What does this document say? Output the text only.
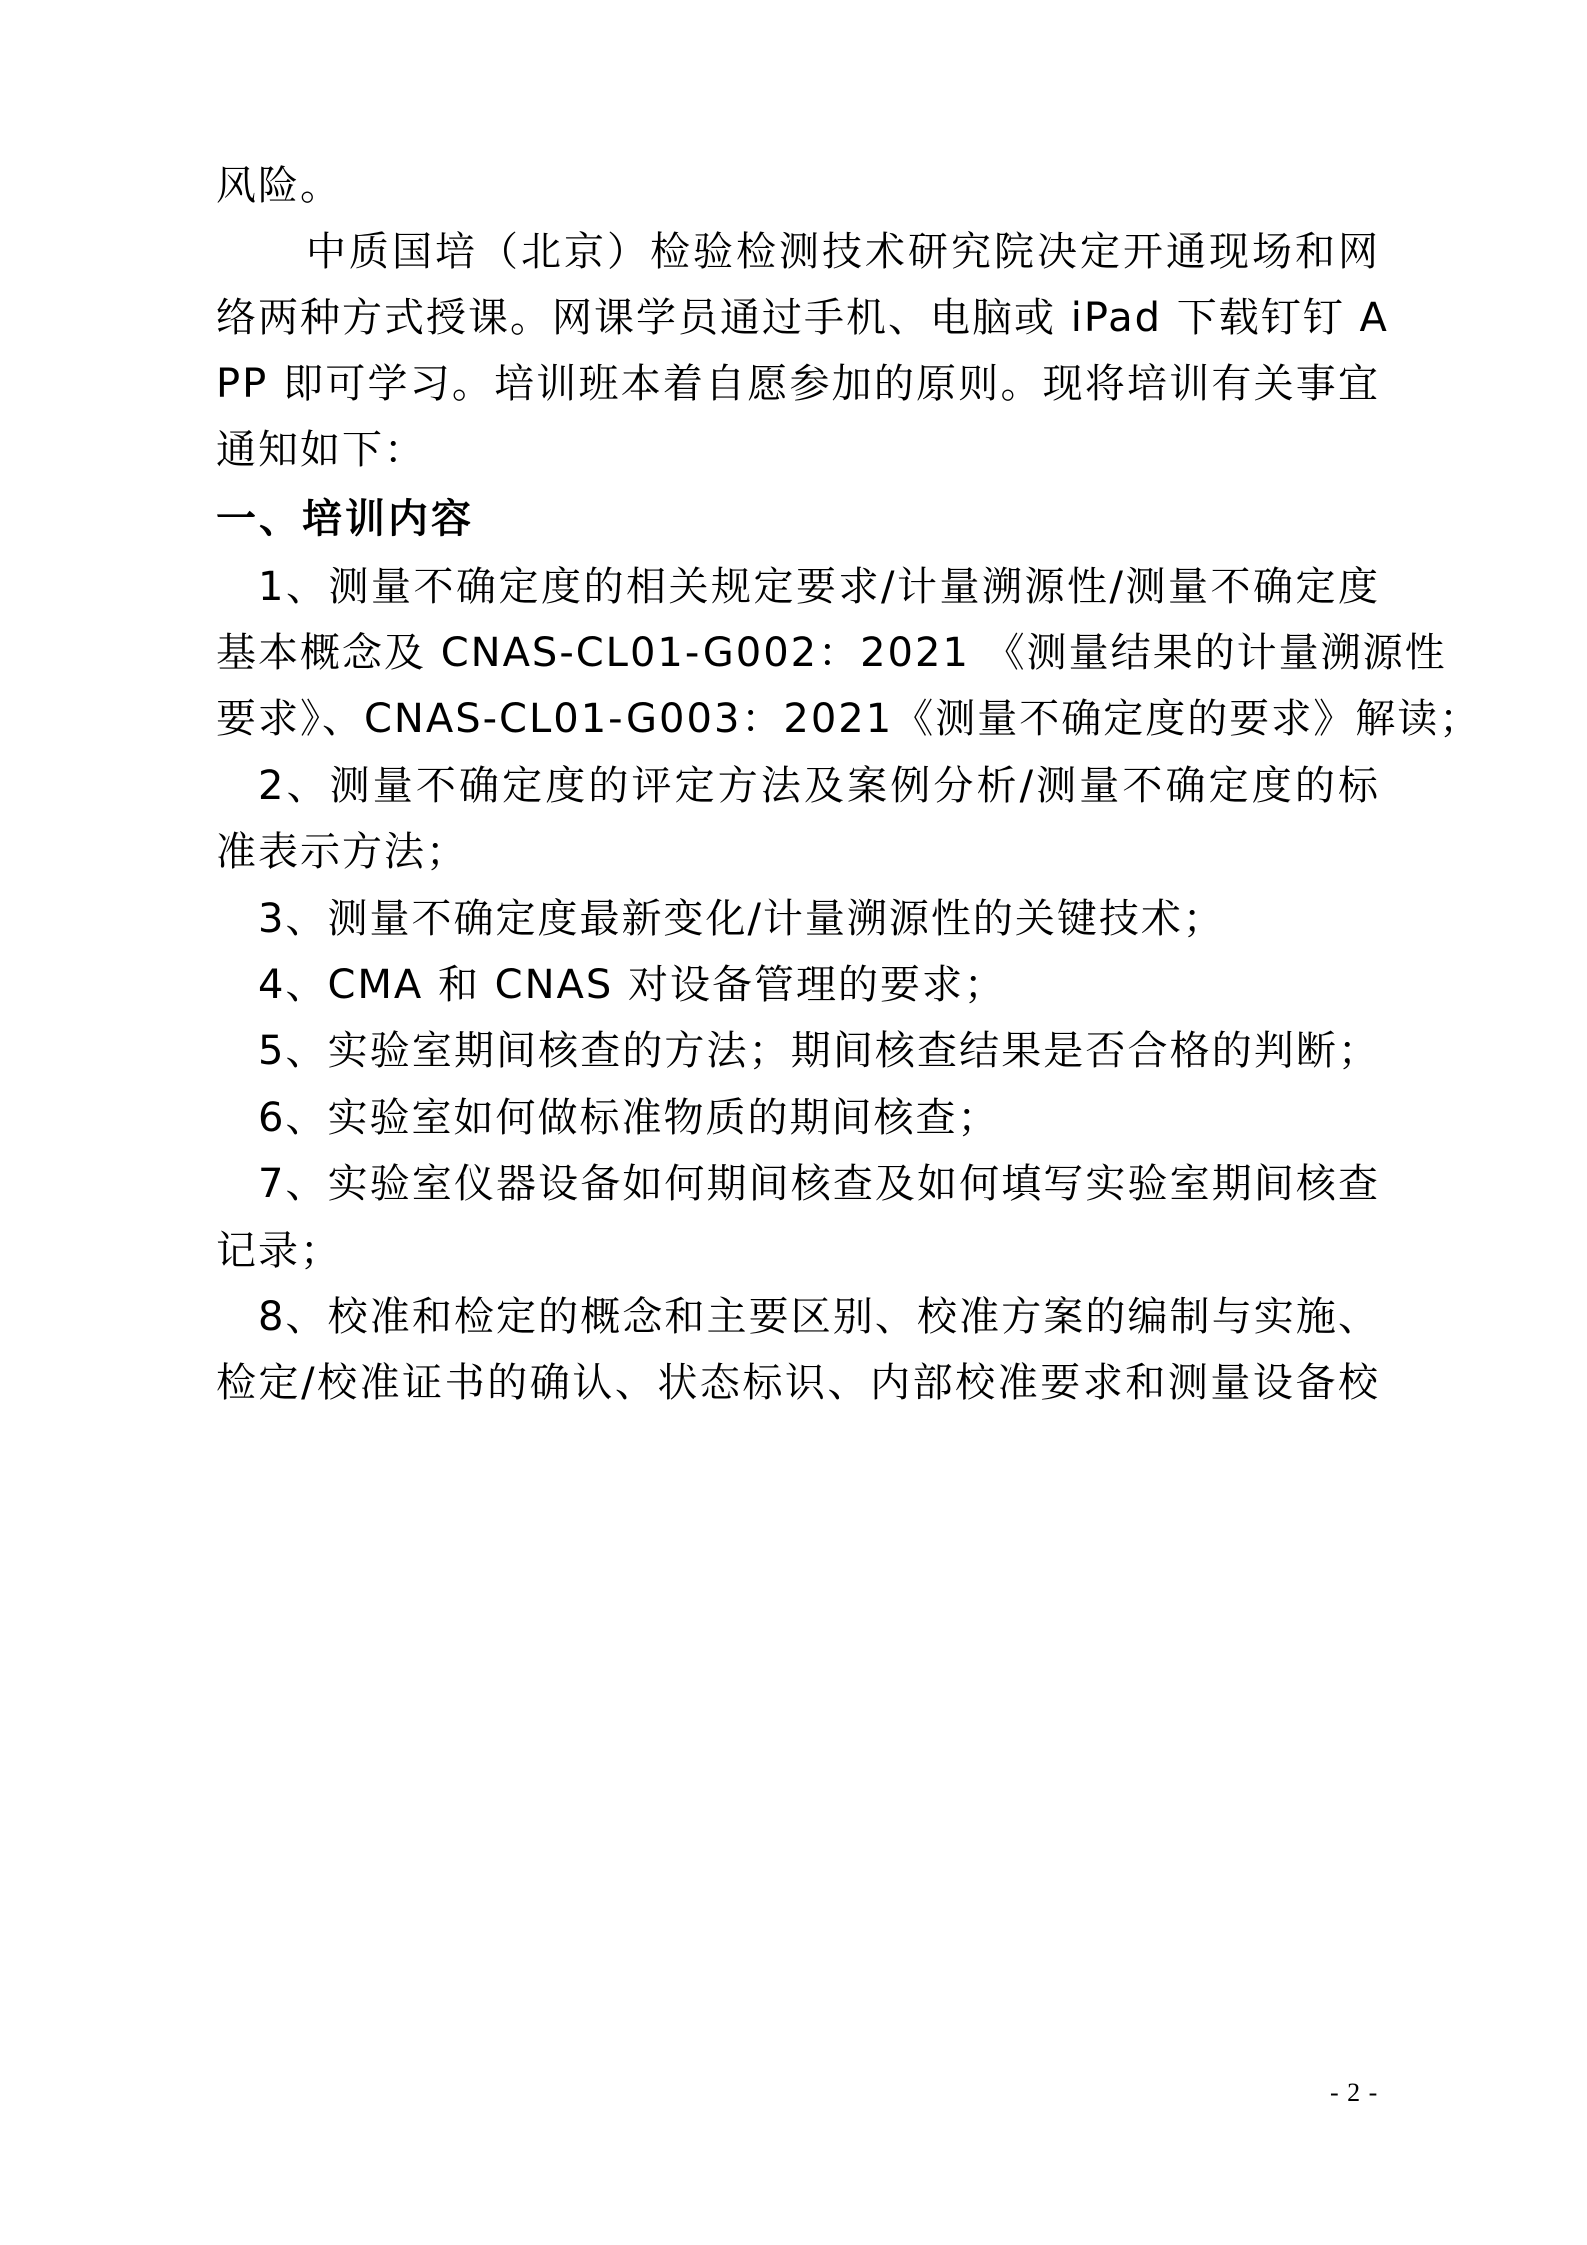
风险。
中质国培（北京）检验检测技术研究院决定开通现场和网
络两种方式授课。网课学员通过手机、电脑或 iPad 下载钉钉 A
PP 即可学习。培训班本着自愿参加的原则。现将培训有关事宜
通知如下：
一、培训内容
1、测量不确定度的相关规定要求/计量溯源性/测量不确定度
基本概念及 CNAS-CL01-G002：2021 《测量结果的计量溯源性
要求》、CNAS-CL01-G003：2021《测量不确定度的要求》解读；
2、测量不确定度的评定方法及案例分析/测量不确定度的标
准表示方法；
3、测量不确定度最新变化/计量溯源性的关键技术；
4、CMA 和 CNAS 对设备管理的要求；
5、实验室期间核查的方法；期间核查结果是否合格的判断；
6、实验室如何做标准物质的期间核查；
7、实验室仪器设备如何期间核查及如何填写实验室期间核查
记录；
8、校准和检定的概念和主要区别、校准方案的编制与实施、
检定/校准证书的确认、状态标识、内部校准要求和测量设备校
- 2 -
